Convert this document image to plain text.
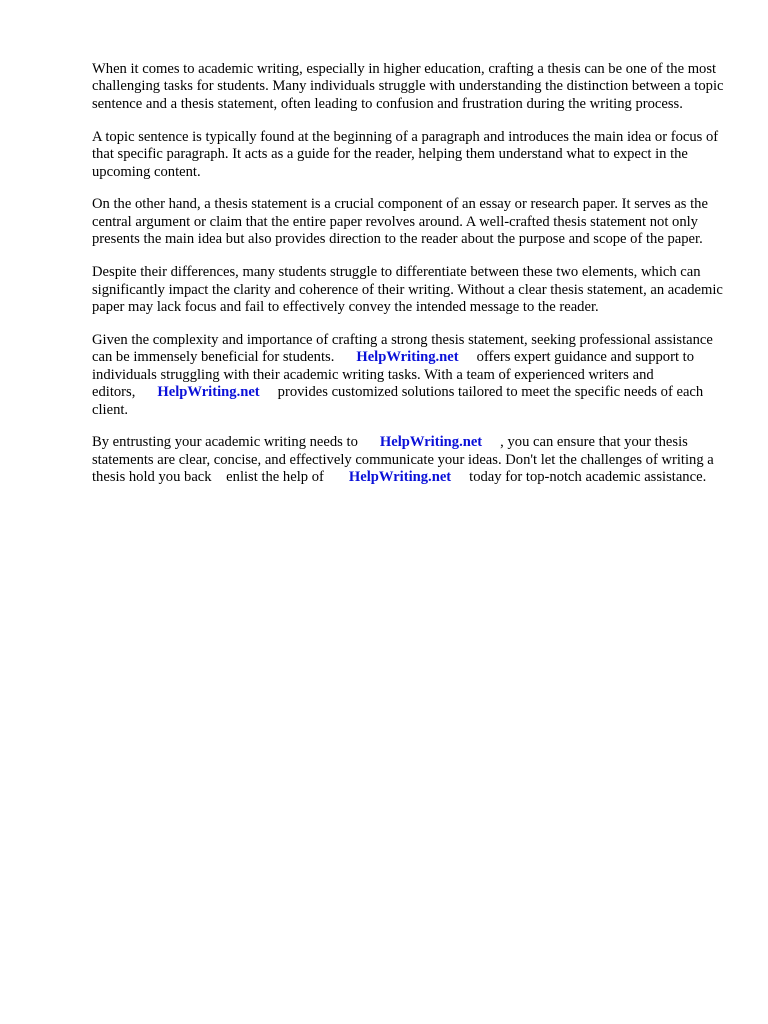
When it comes to academic writing, especially in higher education, crafting a thesis can be one of the most challenging tasks for students. Many individuals struggle with understanding the distinction between a topic sentence and a thesis statement, often leading to confusion and frustration during the writing process.

A topic sentence is typically found at the beginning of a paragraph and introduces the main idea or focus of that specific paragraph. It acts as a guide for the reader, helping them understand what to expect in the upcoming content.

On the other hand, a thesis statement is a crucial component of an essay or research paper. It serves as the central argument or claim that the entire paper revolves around. A well-crafted thesis statement not only presents the main idea but also provides direction to the reader about the purpose and scope of the paper.

Despite their differences, many students struggle to differentiate between these two elements, which can significantly impact the clarity and coherence of their writing. Without a clear thesis statement, an academic paper may lack focus and fail to effectively convey the intended message to the reader.

Given the complexity and importance of crafting a strong thesis statement, seeking professional assistance can be immensely beneficial for students. HelpWriting.net offers expert guidance and support to individuals struggling with their academic writing tasks. With a team of experienced writers and editors, HelpWriting.net provides customized solutions tailored to meet the specific needs of each client.

By entrusting your academic writing needs to HelpWriting.net , you can ensure that your thesis statements are clear, concise, and effectively communicate your ideas. Don't let the challenges of writing a thesis hold you back enlist the help of HelpWriting.net today for top-notch academic assistance.
